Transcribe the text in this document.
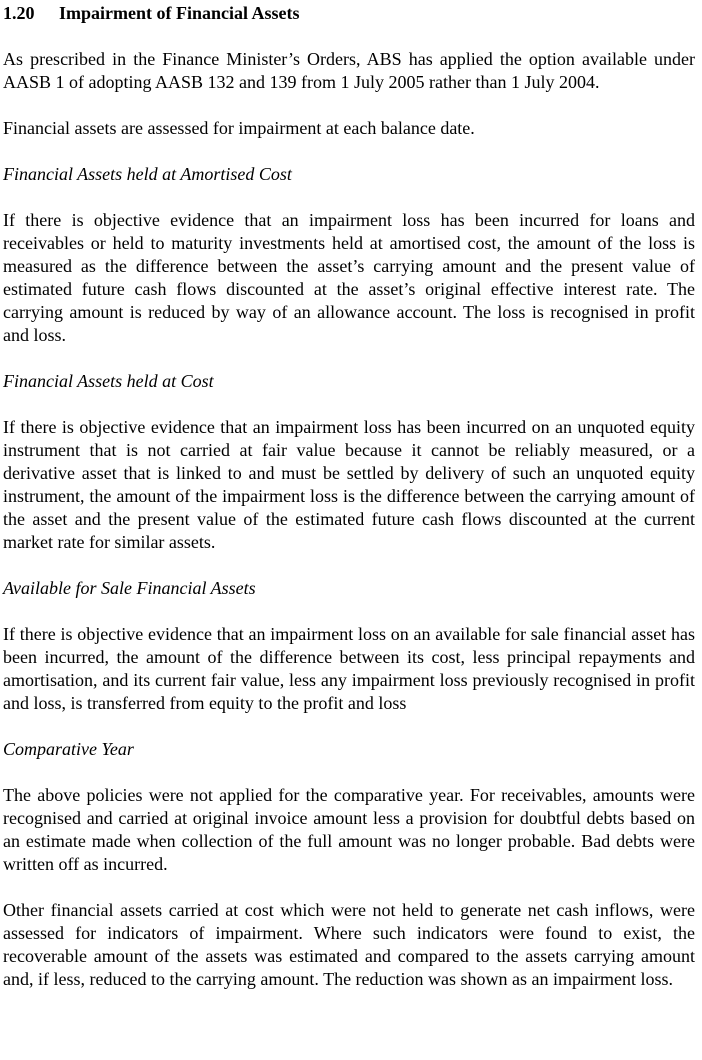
1.20 Impairment of Financial Assets

As prescribed in the Finance Minister’s Orders, ABS has applied the option available under AASB 1 of adopting AASB 132 and 139 from 1 July 2005 rather than 1 July 2004.

Financial assets are assessed for impairment at each balance date.

Financial Assets held at Amortised Cost

If there is objective evidence that an impairment loss has been incurred for loans and receivables or held to maturity investments held at amortised cost, the amount of the loss is measured as the difference between the asset’s carrying amount and the present value of estimated future cash flows discounted at the asset’s original effective interest rate. The carrying amount is reduced by way of an allowance account. The loss is recognised in profit and loss.

Financial Assets held at Cost

If there is objective evidence that an impairment loss has been incurred on an unquoted equity instrument that is not carried at fair value because it cannot be reliably measured, or a derivative asset that is linked to and must be settled by delivery of such an unquoted equity instrument, the amount of the impairment loss is the difference between the carrying amount of the asset and the present value of the estimated future cash flows discounted at the current market rate for similar assets.

Available for Sale Financial Assets

If there is objective evidence that an impairment loss on an available for sale financial asset has been incurred, the amount of the difference between its cost, less principal repayments and amortisation, and its current fair value, less any impairment loss previously recognised in profit and loss, is transferred from equity to the profit and loss

Comparative Year

The above policies were not applied for the comparative year. For receivables, amounts were recognised and carried at original invoice amount less a provision for doubtful debts based on an estimate made when collection of the full amount was no longer probable. Bad debts were written off as incurred.

Other financial assets carried at cost which were not held to generate net cash inflows, were assessed for indicators of impairment. Where such indicators were found to exist, the recoverable amount of the assets was estimated and compared to the assets carrying amount and, if less, reduced to the carrying amount. The reduction was shown as an impairment loss.
